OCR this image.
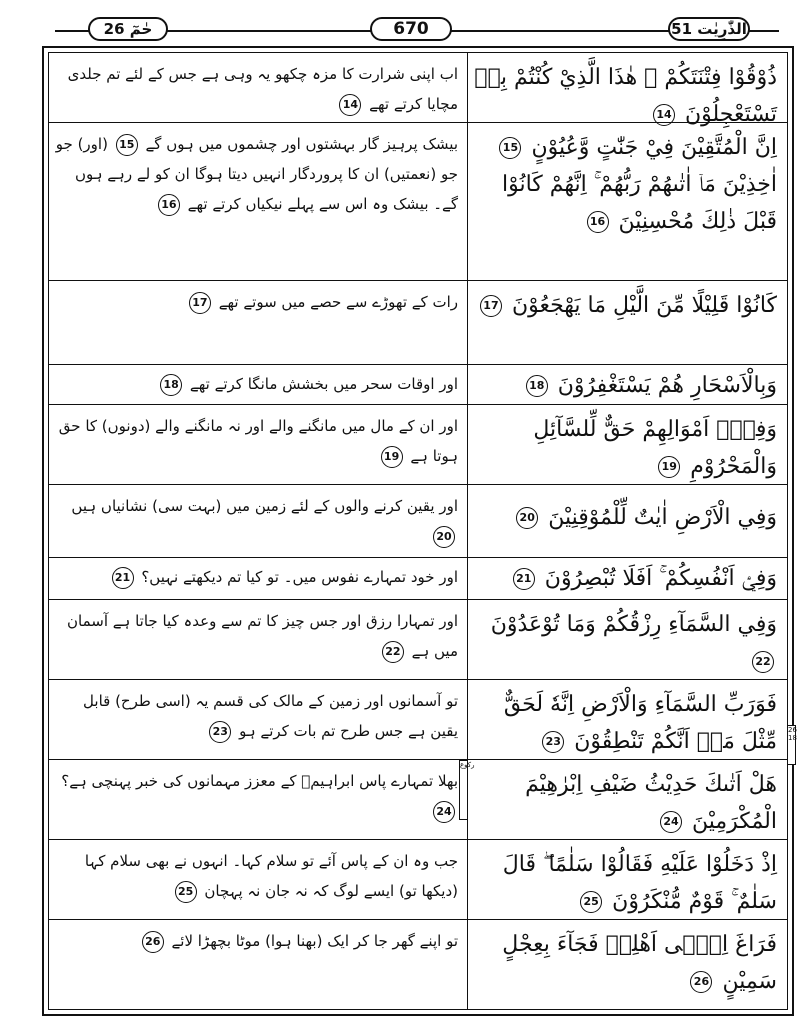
حٰمٓ 26	670	الذّٰرِیٰت 51
26 18
رکوع
ذُوْقُوْا فِتْنَتَكُمْ ۖ هٰذَا الَّذِيْ كُنْتُمْ بِهٖ تَسْتَعْجِلُوْنَ 14
اب اپنی شرارت کا مزہ چکھو یہ وہی ہے جس کے لئے تم جلدی مچایا کرتے تھے 14
اِنَّ الْمُتَّقِيْنَ فِيْ جَنّٰتٍ وَّعُيُوْنٍ 15 اٰخِذِيْنَ مَاۤ اٰتٰىهُمْ رَبُّهُمْ ۚ اِنَّهُمْ كَانُوْا قَبْلَ ذٰلِكَ مُحْسِنِيْنَ 16
بیشک پرہیز گار بہشتوں اور چشموں میں ہوں گے 15 (اور) جو جو (نعمتیں) ان کا پروردگار انہیں دیتا ہوگا ان کو لے رہے ہوں گے۔ بیشک وہ اس سے پہلے نیکیاں کرتے تھے 16
كَانُوْا قَلِيْلًا مِّنَ الَّيْلِ مَا يَهْجَعُوْنَ 17
رات کے تھوڑے سے حصے میں سوتے تھے 17
وَبِالْاَسْحَارِ هُمْ يَسْتَغْفِرُوْنَ 18
اور اوقات سحر میں بخشش مانگا کرتے تھے 18
وَفِيْۤ اَمْوَالِهِمْ حَقٌّ لِّلسَّآئِلِ وَالْمَحْرُوْمِ 19
اور ان کے مال میں مانگنے والے اور نہ مانگنے والے (دونوں) کا حق ہوتا ہے 19
وَفِي الْاَرْضِ اٰيٰتٌ لِّلْمُوْقِنِيْنَ 20
اور یقین کرنے والوں کے لئے زمین میں (بہت سی) نشانیاں ہیں 20
وَفِيْۤ اَنْفُسِكُمْ ۚ اَفَلَا تُبْصِرُوْنَ 21
اور خود تمہارے نفوس میں۔ تو کیا تم دیکھتے نہیں؟ 21
وَفِي السَّمَآءِ رِزْقُكُمْ وَمَا تُوْعَدُوْنَ 22
اور تمہارا رزق اور جس چیز کا تم سے وعدہ کیا جاتا ہے آسمان میں ہے 22
فَوَرَبِّ السَّمَآءِ وَالْاَرْضِ اِنَّهٗ لَحَقٌّ مِّثْلَ مَاۤ اَنَّكُمْ تَنْطِقُوْنَ 23
تو آسمانوں اور زمین کے مالک کی قسم یہ (اسی طرح) قابل یقین ہے جس طرح تم بات کرتے ہو 23
هَلْ اَتٰىكَ حَدِيْثُ ضَيْفِ اِبْرٰهِيْمَ الْمُكْرَمِيْنَ 24
بھلا تمہارے پاس ابراہیمؑ کے معزز مہمانوں کی خبر پہنچی ہے؟ 24
اِذْ دَخَلُوْا عَلَيْهِ فَقَالُوْا سَلٰمًا ۖ قَالَ سَلٰمٌ ۚ قَوْمٌ مُّنْكَرُوْنَ 25
جب وہ ان کے پاس آئے تو سلام کہا۔ انہوں نے بھی سلام کہا (دیکھا تو) ایسے لوگ کہ نہ جان نہ پہچان 25
فَرَاغَ اِلٰۤى اَهْلِهٖ فَجَآءَ بِعِجْلٍ سَمِيْنٍ 26
تو اپنے گھر جا کر ایک (بھنا ہوا) موٹا بچھڑا لائے 26
